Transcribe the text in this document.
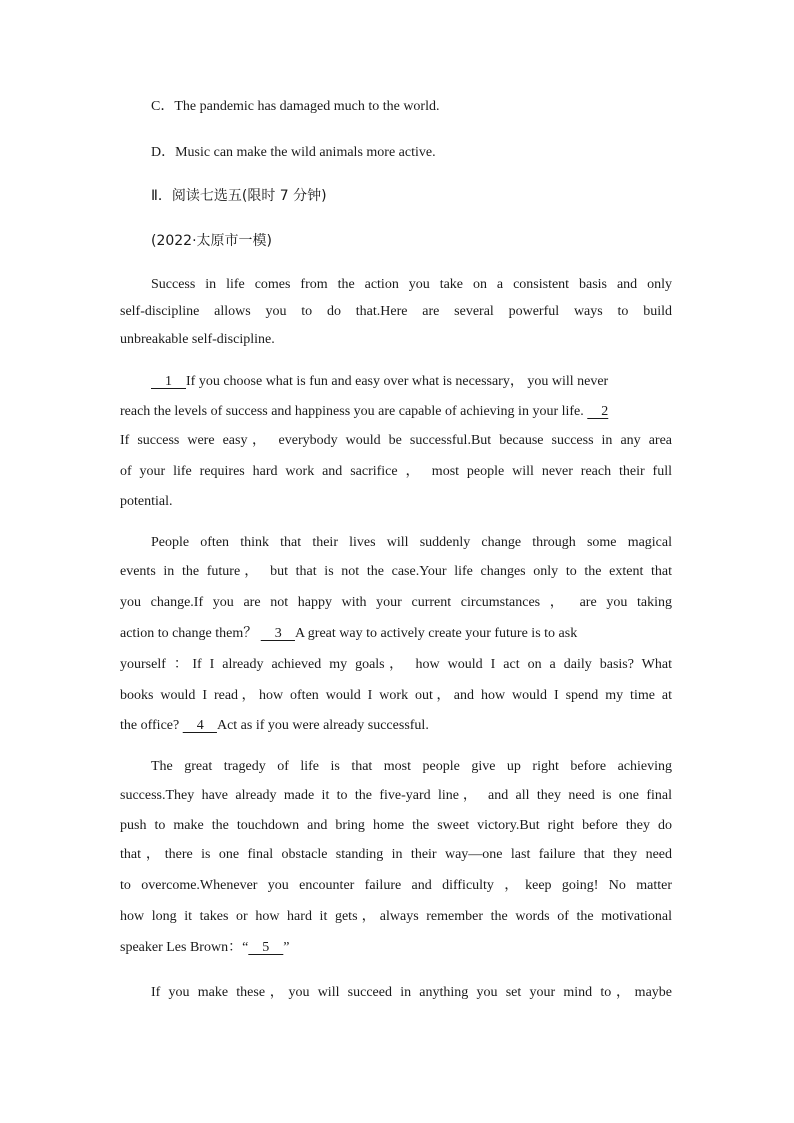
C．The pandemic has damaged much to the world.
D．Music can make the wild animals more active.
Ⅱ．阅读七选五(限时 7 分钟)
(2022·太原市一模)
Success in life comes from the action you take on a consistent basis and only
self-discipline allows you to do that.Here are several powerful ways to build
unbreakable self-discipline.
1    If you choose what is fun and easy over what is necessary， you will never
reach the levels of success and happiness you are capable of achieving in your life.     2
If success were easy， everybody would be successful.But because success in any area
of your life requires hard work and sacrifice ， most people will never reach their full
potential.
People often think that their lives will suddenly change through some magical
events in the future， but that is not the case.Your life changes only to the extent that
you change.If you are not happy with your current circumstances ， are you taking
action to change them？     3    A great way to actively create your future is to ask
yourself ：If I already achieved my goals， how would I act on a daily basis? What
books would I read，how often would I work out，and how would I spend my time at
the office?     4    Act as if you were already successful.
The great tragedy of life is that most people give up right before achieving
success.They have already made it to the five-yard line， and all they need is one final
push to make the touchdown and bring home the sweet victory.But right before they do
that，there is one final obstacle standing in their way—one last failure that they need
to overcome.Whenever you encounter failure and difficulty ，keep going! No matter
how long it takes or how hard it gets，always remember the words of the motivational
speaker Les Brown：“    5    ”
If you make these，you will succeed in anything you set your mind to，maybe
